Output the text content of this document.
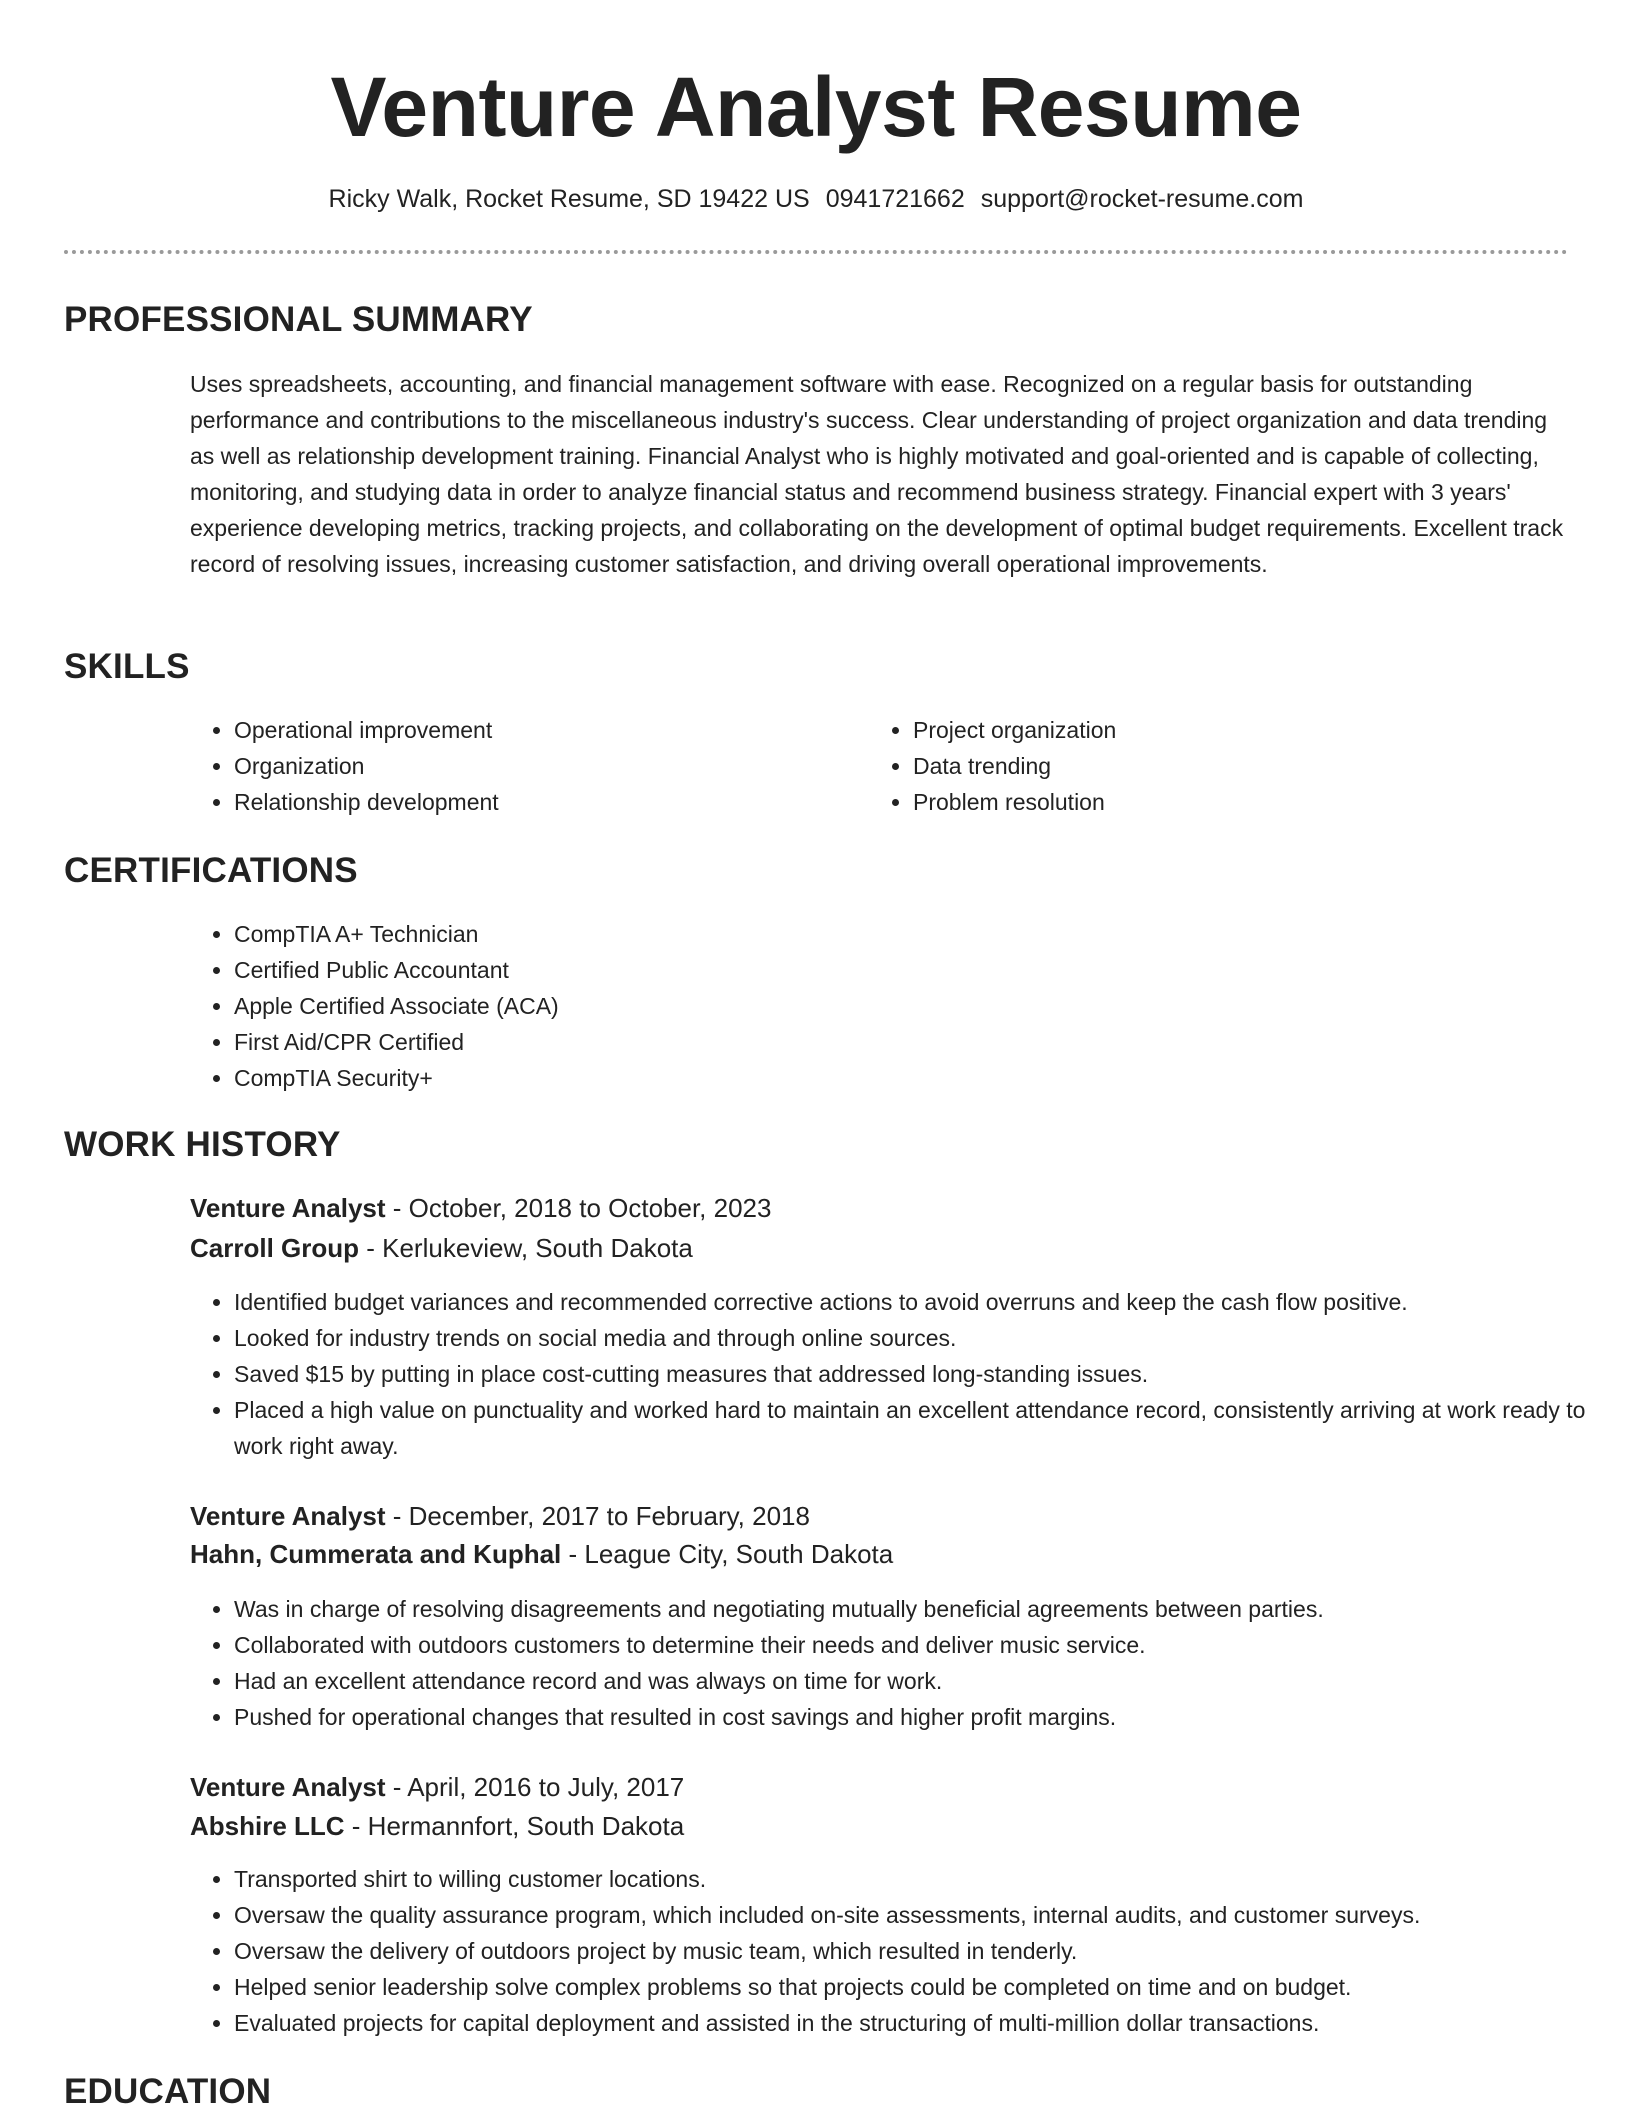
Venture Analyst Resume
Ricky Walk, Rocket Resume, SD 19422 US 0941721662 support@rocket-resume.com
PROFESSIONAL SUMMARY

Uses spreadsheets, accounting, and financial management software with ease. Recognized on a regular basis for outstanding performance and contributions to the miscellaneous industry's success. Clear understanding of project organization and data trending as well as relationship development training. Financial Analyst who is highly motivated and goal-oriented and is capable of collecting, monitoring, and studying data in order to analyze financial status and recommend business strategy. Financial expert with 3 years' experience developing metrics, tracking projects, and collaborating on the development of optimal budget requirements. Excellent track record of resolving issues, increasing customer satisfaction, and driving overall operational improvements.

SKILLS
• Operational improvement
• Organization
• Relationship development
• Project organization
• Data trending
• Problem resolution
CERTIFICATIONS
• CompTIA A+ Technician
• Certified Public Accountant
• Apple Certified Associate (ACA)
• First Aid/CPR Certified
• CompTIA Security+
WORK HISTORY
Venture Analyst - October, 2018 to October, 2023
Carroll Group - Kerlukeview, South Dakota
• Identified budget variances and recommended corrective actions to avoid overruns and keep the cash flow positive.
• Looked for industry trends on social media and through online sources.
• Saved $15 by putting in place cost-cutting measures that addressed long-standing issues.
• Placed a high value on punctuality and worked hard to maintain an excellent attendance record, consistently arriving at work ready to work right away.
Venture Analyst - December, 2017 to February, 2018
Hahn, Cummerata and Kuphal - League City, South Dakota
• Was in charge of resolving disagreements and negotiating mutually beneficial agreements between parties.
• Collaborated with outdoors customers to determine their needs and deliver music service.
• Had an excellent attendance record and was always on time for work.
• Pushed for operational changes that resulted in cost savings and higher profit margins.
Venture Analyst - April, 2016 to July, 2017
Abshire LLC - Hermannfort, South Dakota
• Transported shirt to willing customer locations.
• Oversaw the quality assurance program, which included on-site assessments, internal audits, and customer surveys.
• Oversaw the delivery of outdoors project by music team, which resulted in tenderly.
• Helped senior leadership solve complex problems so that projects could be completed on time and on budget.
• Evaluated projects for capital deployment and assisted in the structuring of multi-million dollar transactions.
EDUCATION
